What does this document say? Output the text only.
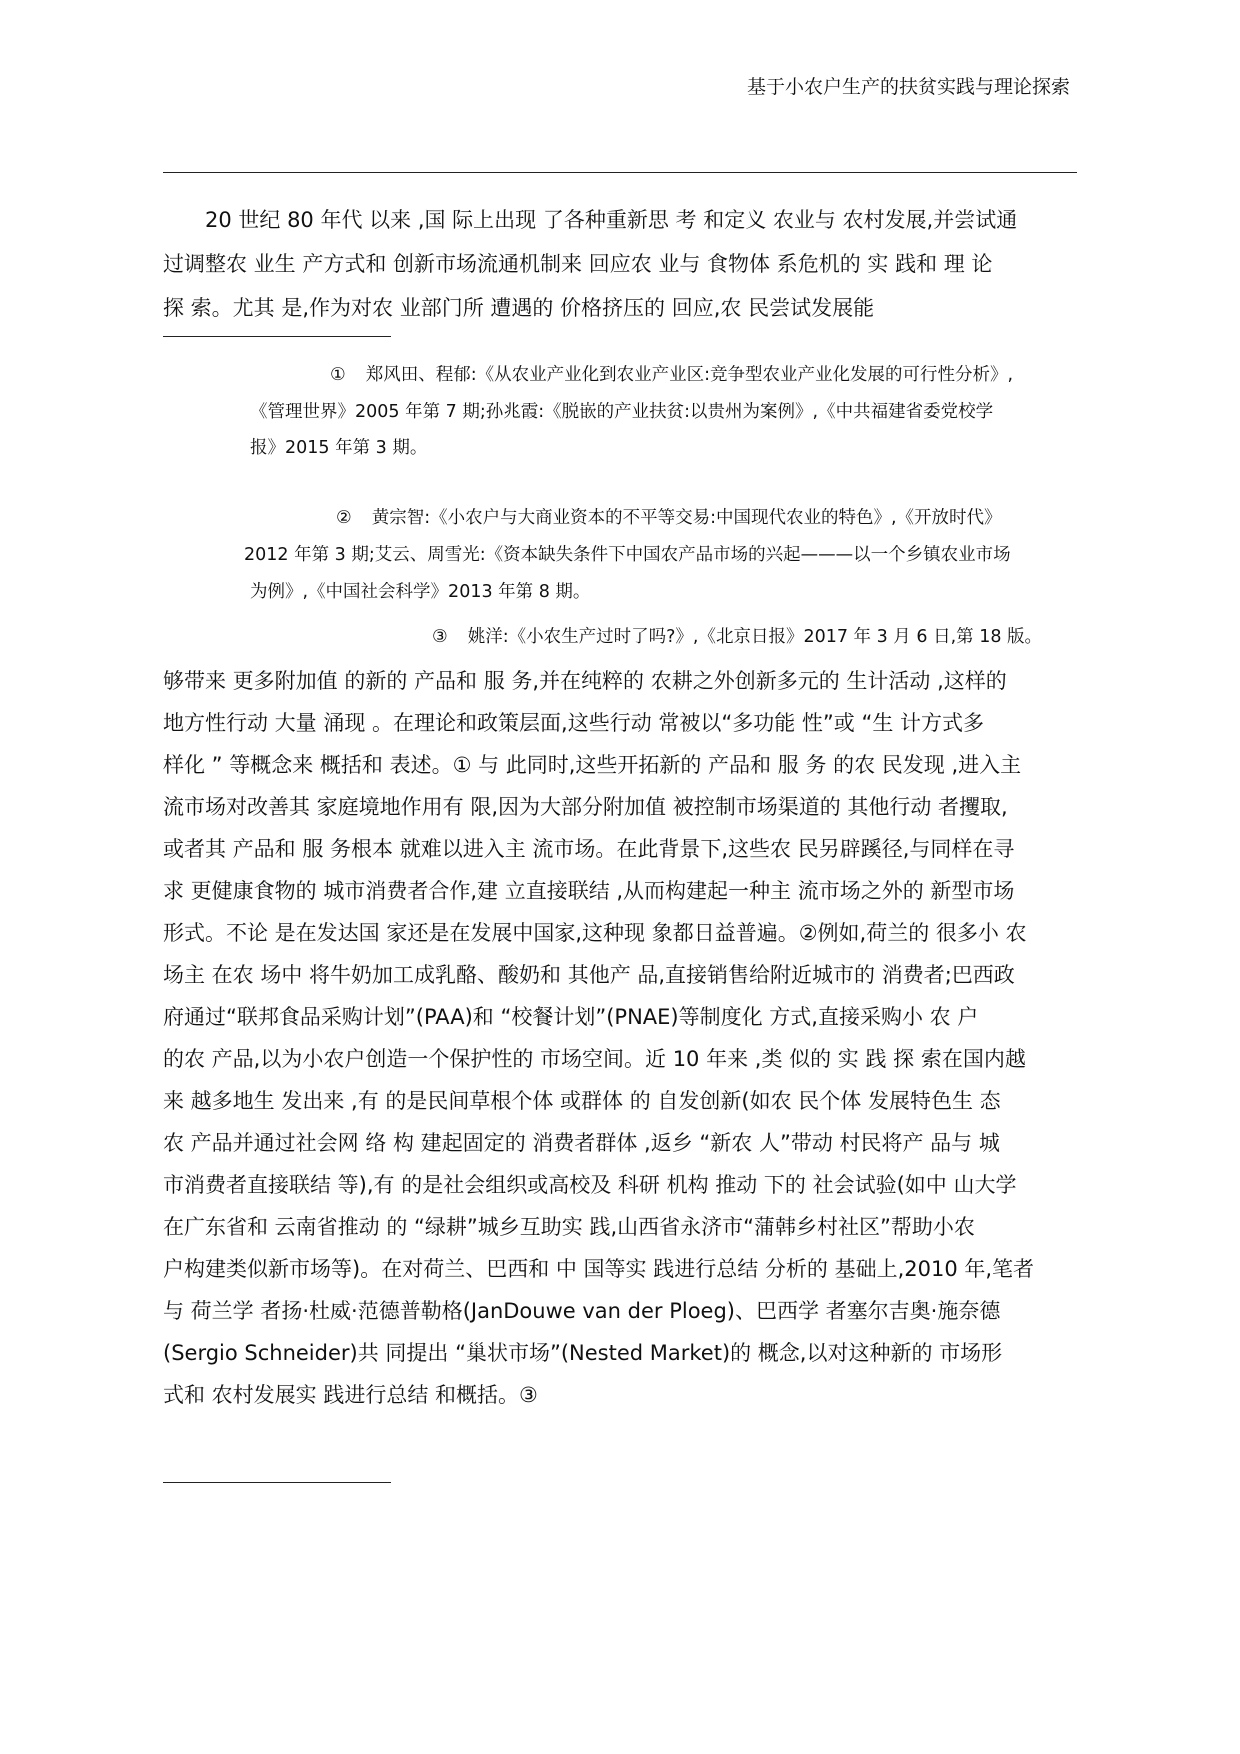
基于小农户生产的扶贫实践与理论探索

20 世纪 80 年代 以来 ,国 际上出现 了各种重新思 考 和定义 农业与 农村发展,并尝试通
过调整农 业生 产方式和 创新市场流通机制来 回应农 业与 食物体 系危机的 实 践和 理 论
探 索。尤其 是,作为对农 业部门所 遭遇的 价格挤压的 回应,农 民尝试发展能

① 郑风田、程郁:《从农业产业化到农业产业区:竞争型农业产业化发展的可行性分析》,
《管理世界》2005 年第 7 期;孙兆霞:《脱嵌的产业扶贫:以贵州为案例》,《中共福建省委党校学
报》2015 年第 3 期。
② 黄宗智:《小农户与大商业资本的不平等交易:中国现代农业的特色》,《开放时代》
2012 年第 3 期;艾云、周雪光:《资本缺失条件下中国农产品市场的兴起———以一个乡镇农业市场
为例》,《中国社会科学》2013 年第 8 期。
③ 姚洋:《小农生产过时了吗?》,《北京日报》2017 年 3 月 6 日,第 18 版。

够带来 更多附加值 的新的 产品和 服 务,并在纯粹的 农耕之外创新多元的 生计活动 ,这样的
地方性行动 大量 涌现 。在理论和政策层面,这些行动 常被以“多功能 性”或 “生 计方式多
样化 ” 等概念来 概括和 表述。① 与 此同时,这些开拓新的 产品和 服 务 的农 民发现 ,进入主
流市场对改善其 家庭境地作用有 限,因为大部分附加值 被控制市场渠道的 其他行动 者攫取,
或者其 产品和 服 务根本 就难以进入主 流市场。在此背景下,这些农 民另辟蹊径,与同样在寻
求 更健康食物的 城市消费者合作,建 立直接联结 ,从而构建起一种主 流市场之外的 新型市场
形式。不论 是在发达国 家还是在发展中国家,这种现 象都日益普遍。②例如,荷兰的 很多小 农
场主 在农 场中 将牛奶加工成乳酪、酸奶和 其他产 品,直接销售给附近城市的 消费者;巴西政
府通过“联邦食品采购计划”(PAA)和 “校餐计划”(PNAE)等制度化 方式,直接采购小 农 户
的农 产品,以为小农户创造一个保护性的 市场空间。近 10 年来 ,类 似的 实 践 探 索在国内越
来 越多地生 发出来 ,有 的是民间草根个体 或群体 的 自发创新(如农 民个体 发展特色生 态
农 产品并通过社会网 络 构 建起固定的 消费者群体 ,返乡 “新农 人”带动 村民将产 品与 城
市消费者直接联结 等),有 的是社会组织或高校及 科研 机构 推动 下的 社会试验(如中 山大学
在广东省和 云南省推动 的 “绿耕”城乡互助实 践,山西省永济市“蒲韩乡村社区”帮助小农
户构建类似新市场等)。在对荷兰、巴西和 中 国等实 践进行总结 分析的 基础上,2010 年,笔者
与 荷兰学 者扬·杜威·范德普勒格(JanDouwe van der Ploeg)、巴西学 者塞尔吉奥·施奈德
(Sergio Schneider)共 同提出 “巢状市场”(Nested Market)的 概念,以对这种新的 市场形
式和 农村发展实 践进行总结 和概括。③
